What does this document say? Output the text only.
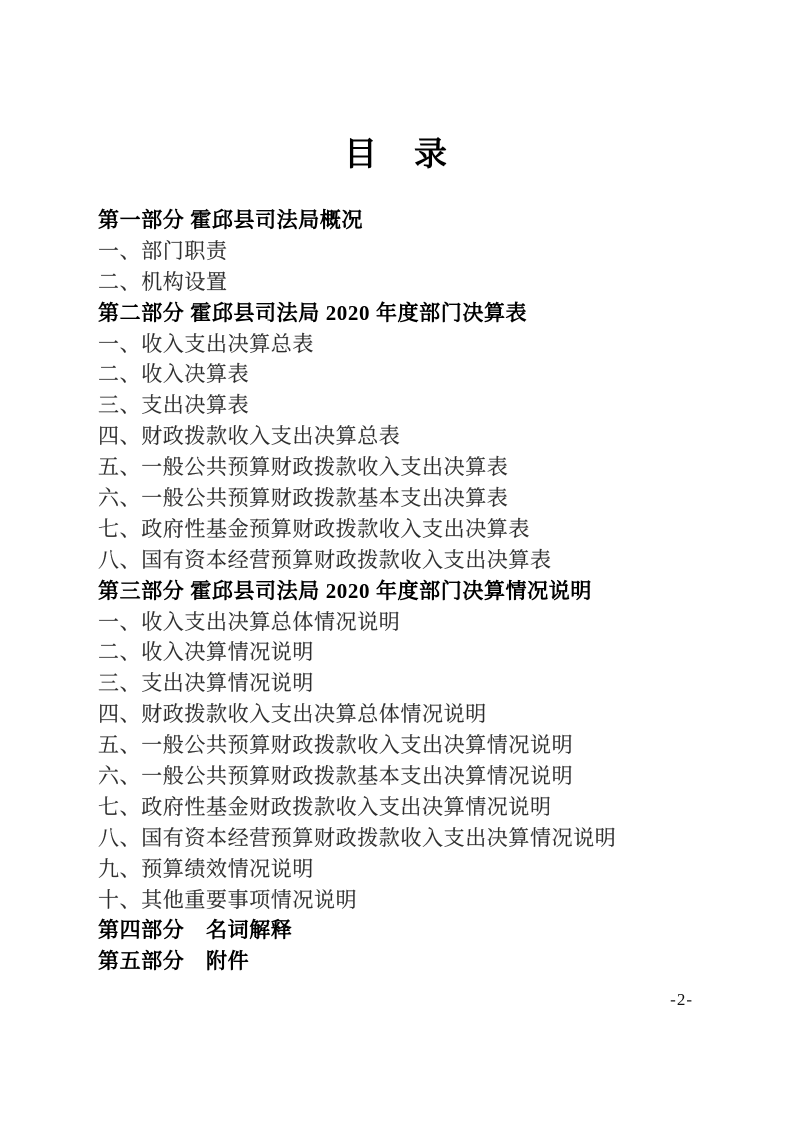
目　录
第一部分 霍邱县司法局概况
一、部门职责
二、机构设置
第二部分 霍邱县司法局 2020 年度部门决算表
一、收入支出决算总表
二、收入决算表
三、支出决算表
四、财政拨款收入支出决算总表
五、一般公共预算财政拨款收入支出决算表
六、一般公共预算财政拨款基本支出决算表
七、政府性基金预算财政拨款收入支出决算表
八、国有资本经营预算财政拨款收入支出决算表
第三部分 霍邱县司法局 2020 年度部门决算情况说明
一、收入支出决算总体情况说明
二、收入决算情况说明
三、支出决算情况说明
四、财政拨款收入支出决算总体情况说明
五、一般公共预算财政拨款收入支出决算情况说明
六、一般公共预算财政拨款基本支出决算情况说明
七、政府性基金财政拨款收入支出决算情况说明
八、国有资本经营预算财政拨款收入支出决算情况说明
九、预算绩效情况说明
十、其他重要事项情况说明
第四部分　名词解释
第五部分　附件
-2-
